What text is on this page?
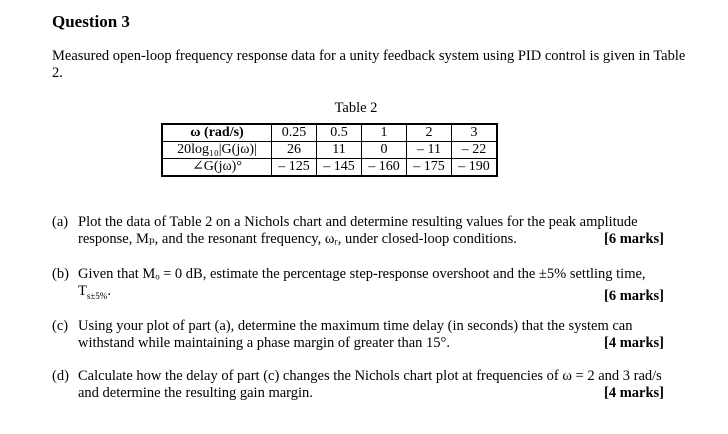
Question 3
Measured open-loop frequency response data for a unity feedback system using PID control is given in Table 2.
Table 2
ω (rad/s)	0.25	0.5	1	2	3
20log₁₀|G(jω)|	26	11	0	– 11	– 22
∠G(jω)°	– 125	– 145	– 160	– 175	– 190
(a) Plot the data of Table 2 on a Nichols chart and determine resulting values for the peak amplitude response, Mₚ, and the resonant frequency, ωᵣ, under closed-loop conditions.	[6 marks]
(b) Given that Mₒ = 0 dB, estimate the percentage step-response overshoot and the ±5% settling time, $T_{s\pm 5\%}$.	[6 marks]
(c) Using your plot of part (a), determine the maximum time delay (in seconds) that the system can withstand while maintaining a phase margin of greater than 15°.	[4 marks]
(d) Calculate how the delay of part (c) changes the Nichols chart plot at frequencies of ω = 2 and 3 rad/s and determine the resulting gain margin.	[4 marks]
